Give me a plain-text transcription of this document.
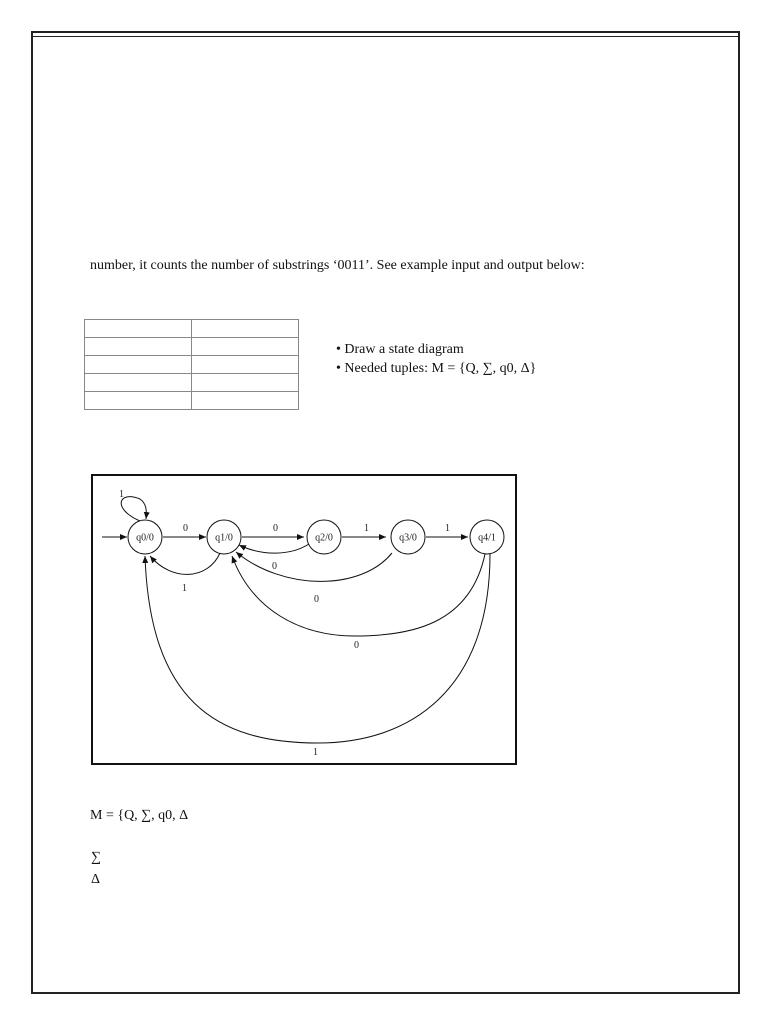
number, it counts the number of substrings ‘0011’. See example input and output below:

• Draw a state diagram
• Needed tuples: M = {Q, ∑, q0, Δ}
1
0	0	1	1
1
0
0
0
1
q0/0	q1/0	q2/0	q3/0	q4/1
M = {Q, ∑, q0, Δ
∑
Δ
